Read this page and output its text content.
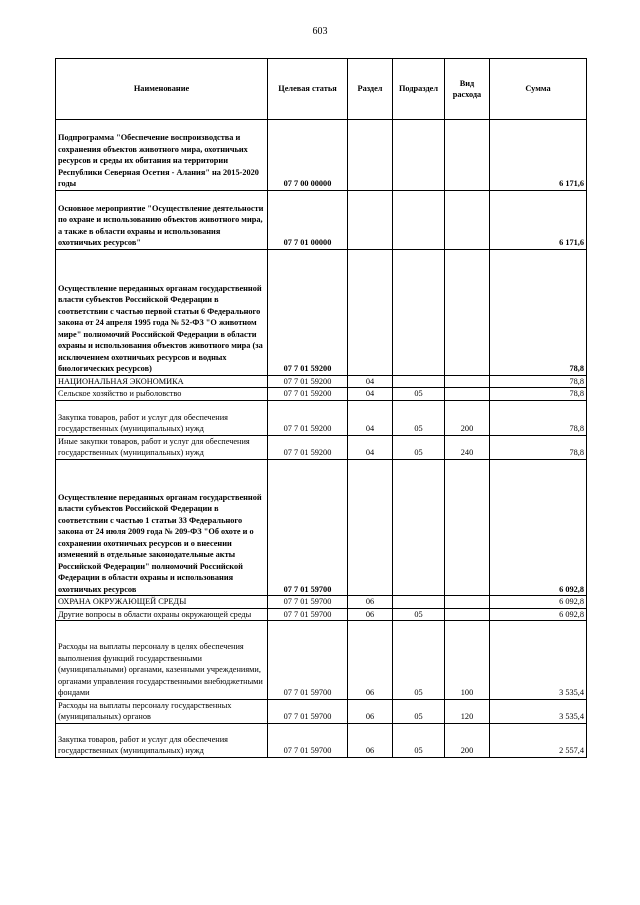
603
Наименование	Целевая статья	Раздел	Подраздел	Вид расхода	Сумма
Подпрограмма "Обеспечение воспроизводства и сохранения объектов животного мира, охотничьих ресурсов и среды их обитания на территории Республики Северная Осетия - Алания" на 2015-2020 годы	07 7 00 00000				6 171,6
Основное мероприятие "Осуществление деятельности по охране и использованию объектов животного мира, а также в области охраны и использования охотничьих ресурсов"	07 7 01 00000				6 171,6
Осуществление переданных органам государственной власти субъектов Российской Федерации в соответствии с частью первой статьи 6 Федерального закона от 24 апреля 1995 года № 52-ФЗ "О животном мире" полномочий Российской Федерации в области охраны и использования объектов животного мира (за исключением охотничьих ресурсов и водных биологических ресурсов)	07 7 01 59200				78,8
НАЦИОНАЛЬНАЯ ЭКОНОМИКА	07 7 01 59200	04			78,8
Сельское хозяйство и рыболовство	07 7 01 59200	04	05		78,8
Закупка товаров, работ и услуг для обеспечения государственных (муниципальных) нужд	07 7 01 59200	04	05	200	78,8
Иные закупки товаров, работ и услуг для обеспечения государственных (муниципальных) нужд	07 7 01 59200	04	05	240	78,8
Осуществление переданных органам государственной власти субъектов Российской Федерации в соответствии с частью 1 статьи 33 Федерального закона от 24 июля 2009 года № 209-ФЗ "Об охоте и о сохранении охотничьих ресурсов и о внесении изменений в отдельные законодательные акты Российской Федерации" полномочий Российской Федерации в области охраны и использования охотничьих ресурсов	07 7 01 59700				6 092,8
ОХРАНА ОКРУЖАЮЩЕЙ СРЕДЫ	07 7 01 59700	06			6 092,8
Другие вопросы в области охраны окружающей среды	07 7 01 59700	06	05		6 092,8
Расходы на выплаты персоналу в целях обеспечения выполнения функций государственными (муниципальными) органами, казенными учреждениями, органами управления государственными внебюджетными фондами	07 7 01 59700	06	05	100	3 535,4
Расходы на выплаты персоналу государственных (муниципальных) органов	07 7 01 59700	06	05	120	3 535,4
Закупка товаров, работ и услуг для обеспечения государственных (муниципальных) нужд	07 7 01 59700	06	05	200	2 557,4
